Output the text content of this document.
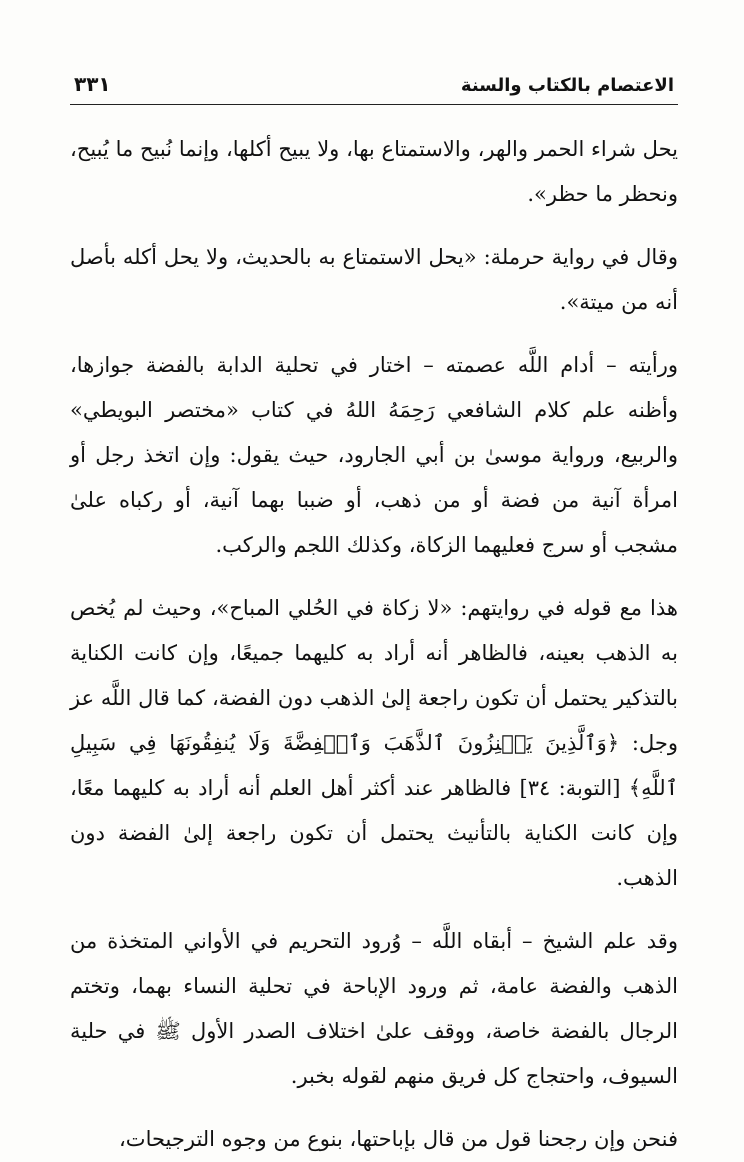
الاعتصام بالكتاب والسنة
٣٣١

يحل شراء الحمر والهر، والاستمتاع بها، ولا يبيح أكلها، وإنما نُبيح ما يُبيح، ونحظر ما حظر».

وقال في رواية حرملة: «يحل الاستمتاع به بالحديث، ولا يحل أكله بأصل أنه من ميتة».

ورأيته – أدام اللَّه عصمته – اختار في تحلية الدابة بالفضة جوازها، وأظنه علم كلام الشافعي رَحِمَهُ اللهُ في كتاب «مختصر البويطي» والربيع، ورواية موسىٰ بن أبي الجارود، حيث يقول: وإن اتخذ رجل أو امرأة آنية من فضة أو من ذهب، أو ضببا بهما آنية، أو ركباه علىٰ مشجب أو سرج فعليهما الزكاة، وكذلك اللجم والركب.

هذا مع قوله في روايتهم: «لا زكاة في الحُلي المباح»، وحيث لم يُخص به الذهب بعينه، فالظاهر أنه أراد به كليهما جميعًا، وإن كانت الكناية بالتذكير يحتمل أن تكون راجعة إلىٰ الذهب دون الفضة، كما قال اللَّه عز وجل: ﴿وَٱلَّذِينَ يَكۡنِزُونَ ٱلذَّهَبَ وَٱلۡفِضَّةَ وَلَا يُنفِقُونَهَا فِي سَبِيلِ ٱللَّهِ﴾ [التوبة: ٣٤] فالظاهر عند أكثر أهل العلم أنه أراد به كليهما معًا، وإن كانت الكناية بالتأنيث يحتمل أن تكون راجعة إلىٰ الفضة دون الذهب.

وقد علم الشيخ – أبقاه اللَّه – وُرود التحريم في الأواني المتخذة من الذهب والفضة عامة، ثم ورود الإباحة في تحلية النساء بهما، وتختم الرجال بالفضة خاصة، ووقف علىٰ اختلاف الصدر الأول ﷺ في حلية السيوف، واحتجاج كل فريق منهم لقوله بخبر.

فنحن وإن رجحنا قول من قال بإباحتها، بنوع من وجوه الترجيحات،
